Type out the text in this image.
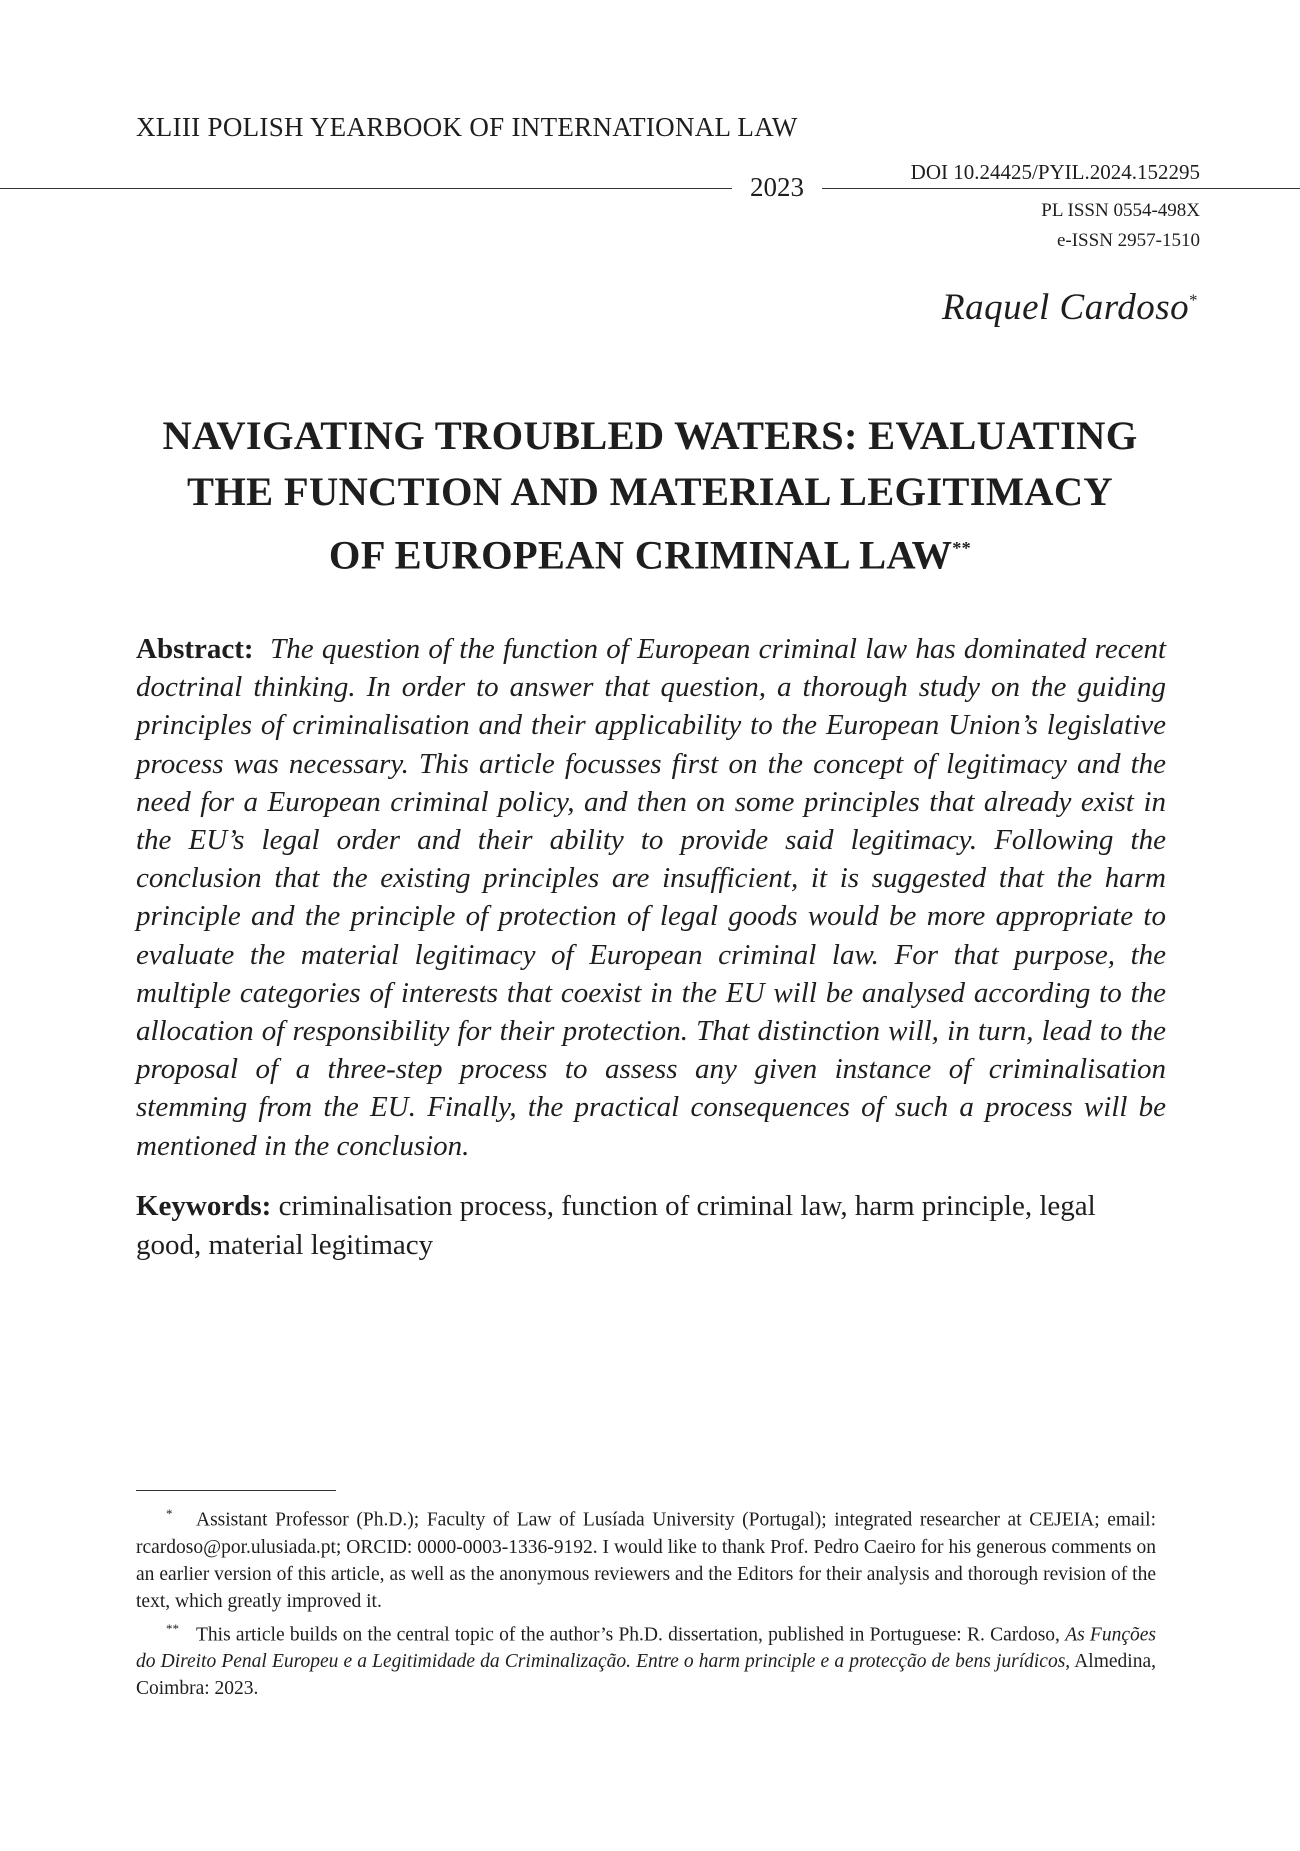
XLIII POLISH YEARBOOK OF INTERNATIONAL LAW
2023	DOI 10.24425/PYIL.2024.152295
PL ISSN 0554-498X
e-ISSN 2957-1510
Raquel Cardoso*
NAVIGATING TROUBLED WATERS: EVALUATING
THE FUNCTION AND MATERIAL LEGITIMACY
OF EUROPEAN CRIMINAL LAW**

Abstract: The question of the function of European criminal law has dominated recent doctrinal thinking. In order to answer that question, a thorough study on the guiding principles of criminalisation and their applicability to the European Union’s legislative process was necessary. This article focusses first on the concept of legitimacy and the need for a European criminal policy, and then on some principles that already exist in the EU’s legal order and their ability to provide said legitimacy. Following the conclusion that the existing principles are insufficient, it is suggested that the harm principle and the principle of protection of legal goods would be more appropriate to evaluate the material legitimacy of European criminal law. For that purpose, the multiple categories of interests that coexist in the EU will be analysed according to the allocation of responsibility for their protection. That distinction will, in turn, lead to the proposal of a three-step process to assess any given instance of criminalisation stemming from the EU. Finally, the practical consequences of such a process will be mentioned in the conclusion.

Keywords: criminalisation process, function of criminal law, harm principle, legal good, material legitimacy

* Assistant Professor (Ph.D.); Faculty of Law of Lusíada University (Portugal); integrated researcher at CEJEIA; email: rcardoso@por.ulusiada.pt; ORCID: 0000-0003-1336-9192. I would like to thank Prof. Pedro Caeiro for his generous comments on an earlier version of this article, as well as the anonymous reviewers and the Editors for their analysis and thorough revision of the text, which greatly improved it.

** This article builds on the central topic of the author’s Ph.D. dissertation, published in Portuguese: R. Cardoso, As Funções do Direito Penal Europeu e a Legitimidade da Criminalização. Entre o harm principle e a protecção de bens jurídicos, Almedina, Coimbra: 2023.
